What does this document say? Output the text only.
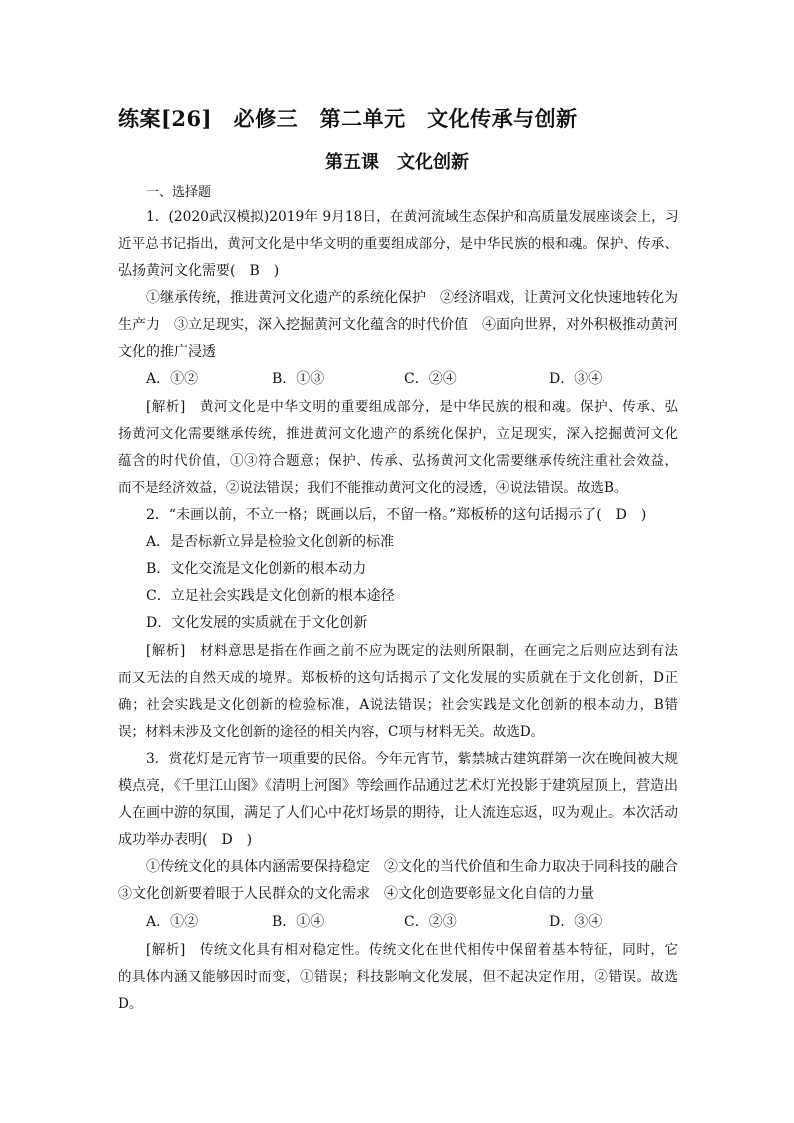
练案[26]　必修三　第二单元　文化传承与创新
第五课　文化创新
一、选择题
1．(2020武汉模拟)2019年 9月18日，在黄河流域生态保护和高质量发展座谈会上，习
近平总书记指出，黄河文化是中华文明的重要组成部分，是中华民族的根和魂。保护、传承、
弘扬黄河文化需要(　B　)
①继承传统，推进黄河文化遗产的系统化保护　②经济唱戏，让黄河文化快速地转化为
生产力　③立足现实，深入挖掘黄河文化蕴含的时代价值　④面向世界，对外积极推动黄河
文化的推广浸透
A．①②	B．①③	C．②④	D．③④
[解析]　黄河文化是中华文明的重要组成部分，是中华民族的根和魂。保护、传承、弘
扬黄河文化需要继承传统，推进黄河文化遗产的系统化保护，立足现实，深入挖掘黄河文化
蕴含的时代价值，①③符合题意；保护、传承、弘扬黄河文化需要继承传统注重社会效益，
而不是经济效益，②说法错误；我们不能推动黄河文化的浸透，④说法错误。故选B。
2．“未画以前，不立一格；既画以后，不留一格。”郑板桥的这句话揭示了(　D　)
A．是否标新立异是检验文化创新的标准
B．文化交流是文化创新的根本动力
C．立足社会实践是文化创新的根本途径
D．文化发展的实质就在于文化创新
[解析]　材料意思是指在作画之前不应为既定的法则所限制，在画完之后则应达到有法
而又无法的自然天成的境界。郑板桥的这句话揭示了文化发展的实质就在于文化创新，D正
确；社会实践是文化创新的检验标准，A说法错误；社会实践是文化创新的根本动力，B错
误；材料未涉及文化创新的途径的相关内容，C项与材料无关。故选D。
3．赏花灯是元宵节一项重要的民俗。今年元宵节，紫禁城古建筑群第一次在晚间被大规
模点亮，《千里江山图》《清明上河图》等绘画作品通过艺术灯光投影于建筑屋顶上，营造出
人在画中游的氛围，满足了人们心中花灯场景的期待，让人流连忘返，叹为观止。本次活动
成功举办表明(　D　)
①传统文化的具体内涵需要保持稳定　②文化的当代价值和生命力取决于同科技的融合
③文化创新要着眼于人民群众的文化需求　④文化创造要彰显文化自信的力量
A．①②	B．①④	C．②③	D．③④
[解析]　传统文化具有相对稳定性。传统文化在世代相传中保留着基本特征，同时，它
的具体内涵又能够因时而变，①错误；科技影响文化发展，但不起决定作用，②错误。故选
D。
